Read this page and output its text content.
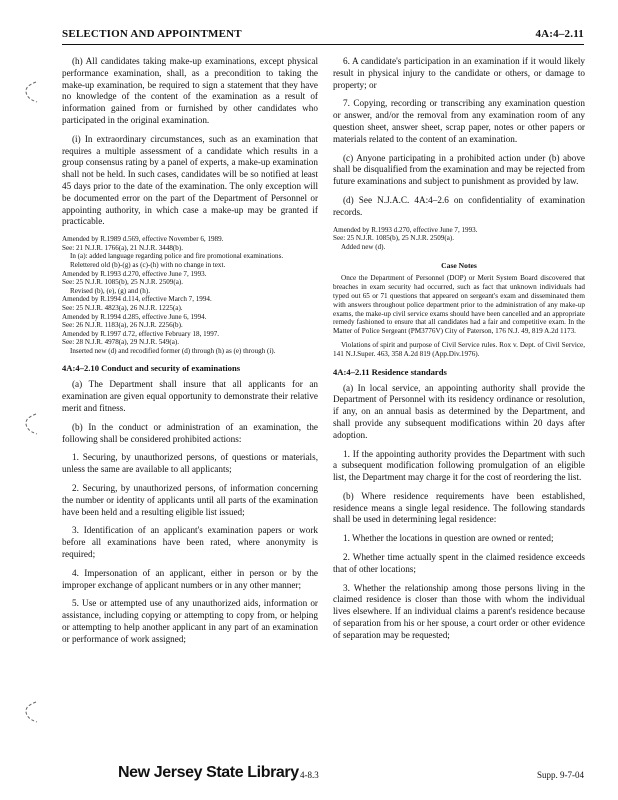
SELECTION AND APPOINTMENT	4A:4–2.11

(h) All candidates taking make-up examinations, except physical performance examination, shall, as a precondition to taking the make-up examination, be required to sign a statement that they have no knowledge of the content of the examination as a result of information gained from or furnished by other candidates who participated in the original examination.

(i) In extraordinary circumstances, such as an examination that requires a multiple assessment of a candidate which results in a group consensus rating by a panel of experts, a make-up examination shall not be held. In such cases, candidates will be so notified at least 45 days prior to the date of the examination. The only exception will be documented error on the part of the Department of Personnel or appointing authority, in which case a make-up may be granted if practicable.

Amended by R.1989 d.569, effective November 6, 1989.
See: 21 N.J.R. 1766(a), 21 N.J.R. 3448(b).
In (a): added language regarding police and fire promotional examinations.
Relettered old (b)-(g) as (c)-(h) with no change in text.
Amended by R.1993 d.270, effective June 7, 1993.
See: 25 N.J.R. 1085(b), 25 N.J.R. 2509(a).
Revised (b), (e), (g) and (h).
Amended by R.1994 d.114, effective March 7, 1994.
See: 25 N.J.R. 4823(a), 26 N.J.R. 1225(a).
Amended by R.1994 d.285, effective June 6, 1994.
See: 26 N.J.R. 1183(a), 26 N.J.R. 2256(b).
Amended by R.1997 d.72, effective February 18, 1997.
See: 28 N.J.R. 4978(a), 29 N.J.R. 549(a).
Inserted new (d) and recodified former (d) through (h) as (e) through (i).
4A:4–2.10 Conduct and security of examinations

(a) The Department shall insure that all applicants for an examination are given equal opportunity to demonstrate their relative merit and fitness.

(b) In the conduct or administration of an examination, the following shall be considered prohibited actions:

1. Securing, by unauthorized persons, of questions or materials, unless the same are available to all applicants;

2. Securing, by unauthorized persons, of information concerning the number or identity of applicants until all parts of the examination have been held and a resulting eligible list issued;

3. Identification of an applicant's examination papers or work before all examinations have been rated, where anonymity is required;

4. Impersonation of an applicant, either in person or by the improper exchange of applicant numbers or in any other manner;

5. Use or attempted use of any unauthorized aids, information or assistance, including copying or attempting to copy from, or helping or attempting to help another applicant in any part of an examination or performance of work assigned;

6. A candidate's participation in an examination if it would likely result in physical injury to the candidate or others, or damage to property; or

7. Copying, recording or transcribing any examination question or answer, and/or the removal from any examination room of any question sheet, answer sheet, scrap paper, notes or other papers or materials related to the content of an examination.

(c) Anyone participating in a prohibited action under (b) above shall be disqualified from the examination and may be rejected from future examinations and subject to punishment as provided by law.

(d) See N.J.A.C. 4A:4–2.6 on confidentiality of examination records.

Amended by R.1993 d.270, effective June 7, 1993.
See: 25 N.J.R. 1085(b), 25 N.J.R. 2509(a).
Added new (d).
Case Notes

Once the Department of Personnel (DOP) or Merit System Board discovered that breaches in exam security had occurred, such as fact that unknown individuals had typed out 65 or 71 questions that appeared on sergeant's exam and disseminated them with answers throughout police department prior to the administration of any make-up exams, the make-up civil service exams should have been cancelled and an appropriate remedy fashioned to ensure that all candidates had a fair and competitive exam. In the Matter of Police Sergeant (PM3776V) City of Paterson, 176 N.J. 49, 819 A.2d 1173.

Violations of spirit and purpose of Civil Service rules. Rox v. Dept. of Civil Service, 141 N.J.Super. 463, 358 A.2d 819 (App.Div.1976).

4A:4–2.11 Residence standards

(a) In local service, an appointing authority shall provide the Department of Personnel with its residency ordinance or resolution, if any, on an annual basis as determined by the Department, and shall provide any subsequent modifications within 20 days after adoption.

1. If the appointing authority provides the Department with such a subsequent modification following promulgation of an eligible list, the Department may charge it for the cost of reordering the list.

(b) Where residence requirements have been established, residence means a single legal residence. The following standards shall be used in determining legal residence:

1. Whether the locations in question are owned or rented;

2. Whether time actually spent in the claimed residence exceeds that of other locations;

3. Whether the relationship among those persons living in the claimed residence is closer than those with whom the individual lives elsewhere. If an individual claims a parent's residence because of separation from his or her spouse, a court order or other evidence of separation may be requested;

New Jersey State Library 4-8.3	Supp. 9-7-04
